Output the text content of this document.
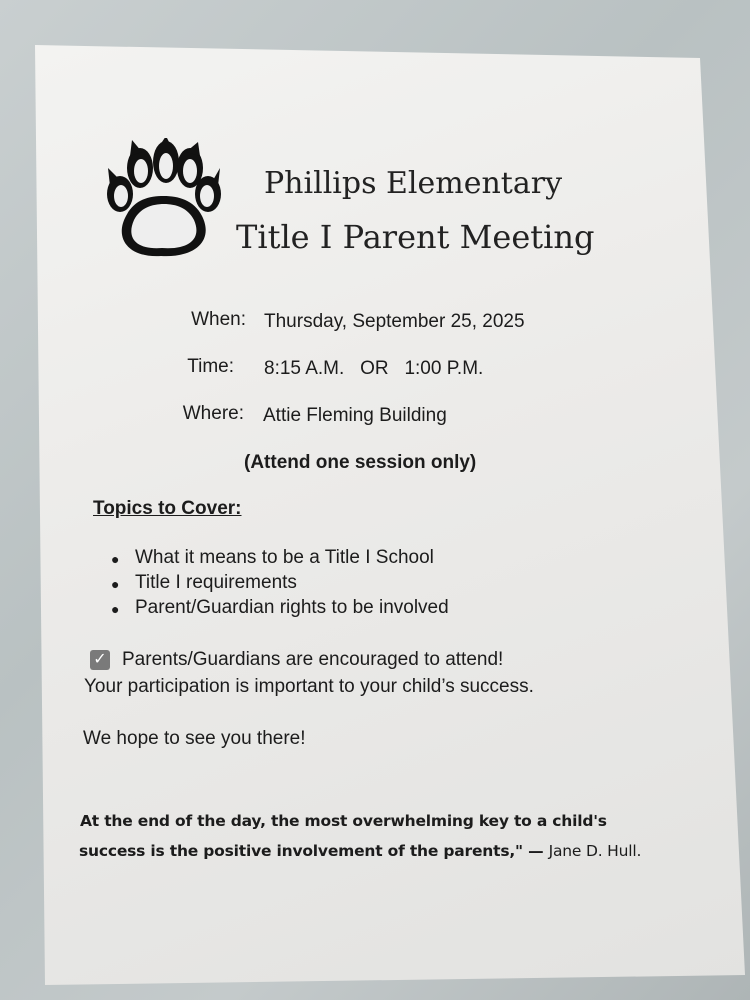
Phillips Elementary
Title I Parent Meeting
When: Thursday, September 25, 2025
Time: 8:15 A.M.   OR   1:00 P.M.
Where: Attie Fleming Building
(Attend one session only)
Topics to Cover:
● What it means to be a Title I School
● Title I requirements
● Parent/Guardian rights to be involved
✓ Parents/Guardians are encouraged to attend!
Your participation is important to your child’s success.
We hope to see you there!
At the end of the day, the most overwhelming key to a child's
success is the positive involvement of the parents," — Jane D. Hull.
